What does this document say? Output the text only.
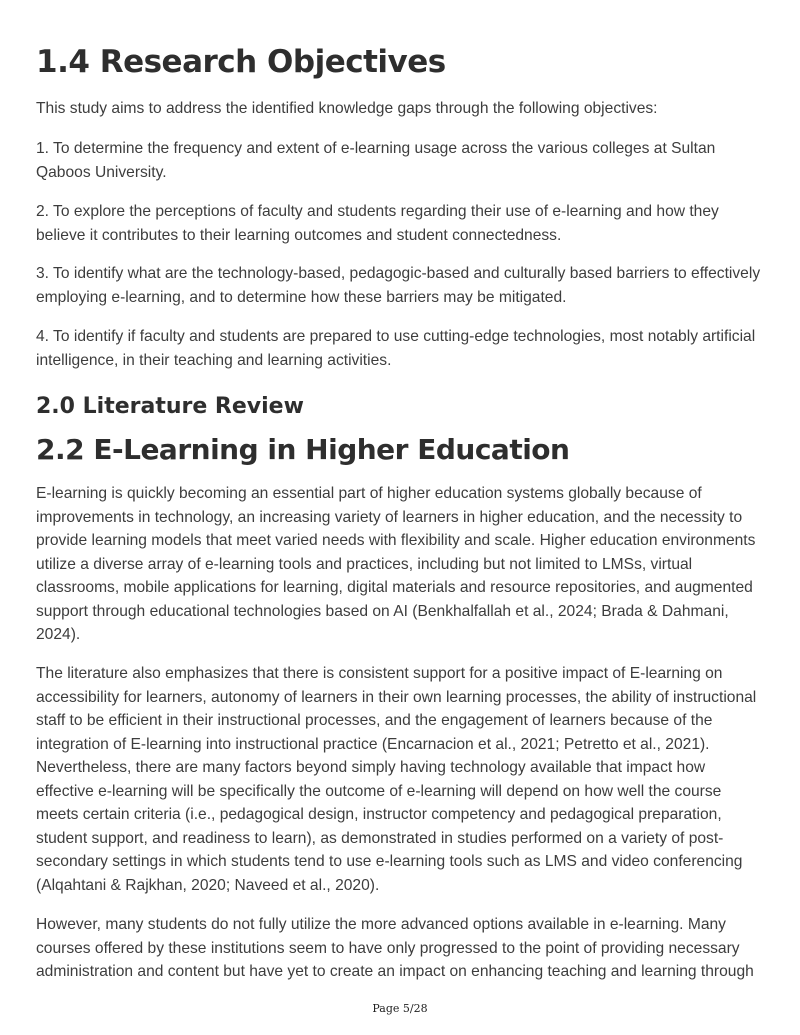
1.4 Research Objectives

This study aims to address the identified knowledge gaps through the following objectives:

1. To determine the frequency and extent of e-learning usage across the various colleges at Sultan Qaboos University.

2. To explore the perceptions of faculty and students regarding their use of e-learning and how they believe it contributes to their learning outcomes and student connectedness.

3. To identify what are the technology-based, pedagogic-based and culturally based barriers to effectively employing e-learning, and to determine how these barriers may be mitigated.

4. To identify if faculty and students are prepared to use cutting-edge technologies, most notably artificial intelligence, in their teaching and learning activities.

2.0 Literature Review
2.2 E-Learning in Higher Education

E-learning is quickly becoming an essential part of higher education systems globally because of improvements in technology, an increasing variety of learners in higher education, and the necessity to provide learning models that meet varied needs with flexibility and scale. Higher education environments utilize a diverse array of e-learning tools and practices, including but not limited to LMSs, virtual classrooms, mobile applications for learning, digital materials and resource repositories, and augmented support through educational technologies based on AI (Benkhalfallah et al., 2024; Brada & Dahmani, 2024).

The literature also emphasizes that there is consistent support for a positive impact of E-learning on accessibility for learners, autonomy of learners in their own learning processes, the ability of instructional staff to be efficient in their instructional processes, and the engagement of learners because of the integration of E-learning into instructional practice (Encarnacion et al., 2021; Petretto et al., 2021). Nevertheless, there are many factors beyond simply having technology available that impact how effective e-learning will be specifically the outcome of e-learning will depend on how well the course meets certain criteria (i.e., pedagogical design, instructor competency and pedagogical preparation, student support, and readiness to learn), as demonstrated in studies performed on a variety of post-secondary settings in which students tend to use e-learning tools such as LMS and video conferencing (Alqahtani & Rajkhan, 2020; Naveed et al., 2020).

However, many students do not fully utilize the more advanced options available in e-learning. Many courses offered by these institutions seem to have only progressed to the point of providing necessary administration and content but have yet to create an impact on enhancing teaching and learning through

Page 5/28
